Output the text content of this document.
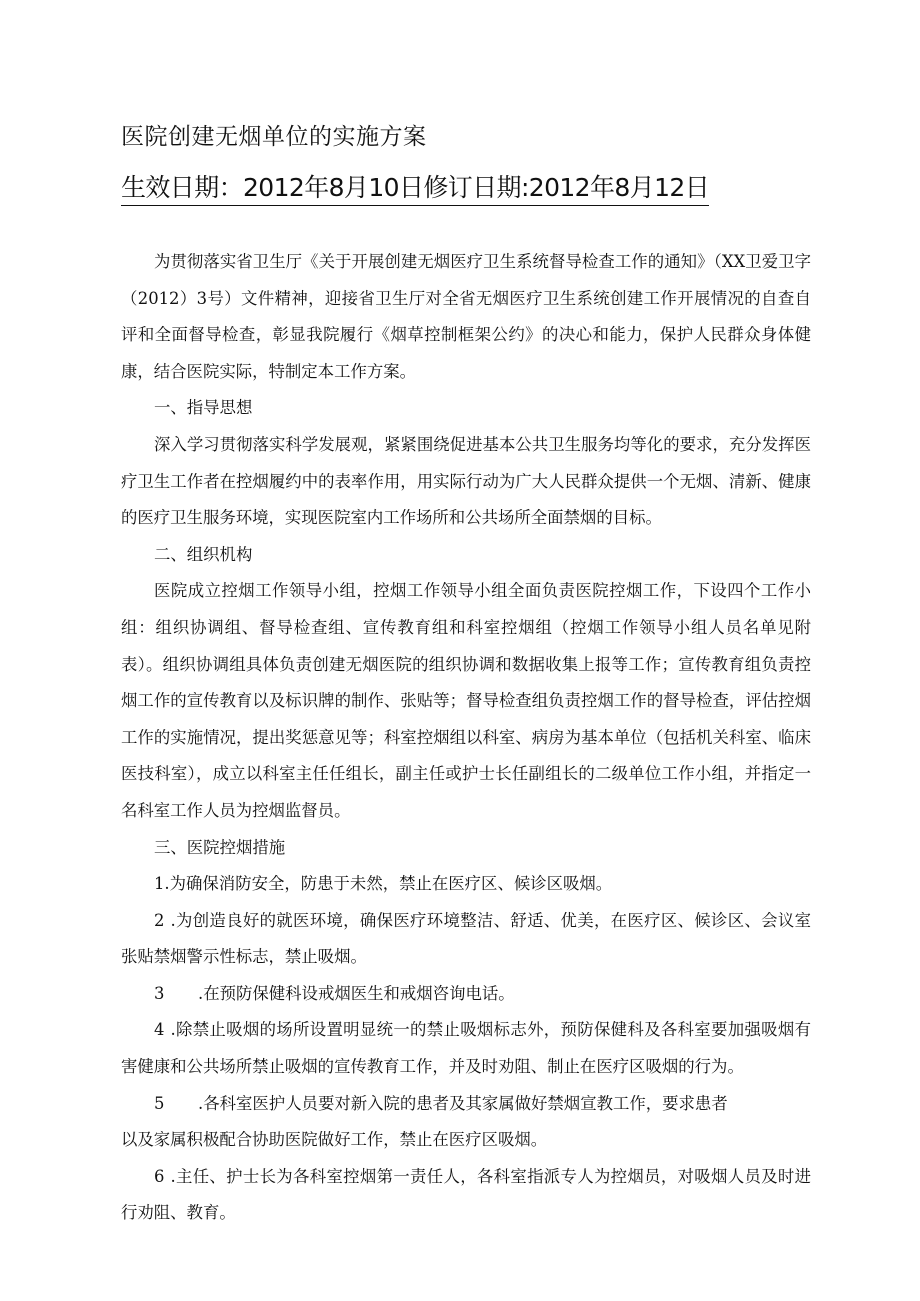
医院创建无烟单位的实施方案
生效日期：2012年8月10日修订日期:2012年8月12日

为贯彻落实省卫生厅《关于开展创建无烟医疗卫生系统督导检查工作的通知》（XX卫爱卫字（2012）3号）文件精神，迎接省卫生厅对全省无烟医疗卫生系统创建工作开展情况的自查自评和全面督导检查，彰显我院履行《烟草控制框架公约》的决心和能力，保护人民群众身体健康，结合医院实际，特制定本工作方案。

一、指导思想

深入学习贯彻落实科学发展观，紧紧围绕促进基本公共卫生服务均等化的要求，充分发挥医疗卫生工作者在控烟履约中的表率作用，用实际行动为广大人民群众提供一个无烟、清新、健康的医疗卫生服务环境，实现医院室内工作场所和公共场所全面禁烟的目标。

二、组织机构

医院成立控烟工作领导小组，控烟工作领导小组全面负责医院控烟工作，下设四个工作小组：组织协调组、督导检查组、宣传教育组和科室控烟组（控烟工作领导小组人员名单见附表）。组织协调组具体负责创建无烟医院的组织协调和数据收集上报等工作；宣传教育组负责控烟工作的宣传教育以及标识牌的制作、张贴等；督导检查组负责控烟工作的督导检查，评估控烟工作的实施情况，提出奖惩意见等；科室控烟组以科室、病房为基本单位（包括机关科室、临床医技科室），成立以科室主任任组长，副主任或护士长任副组长的二级单位工作小组，并指定一名科室工作人员为控烟监督员。

三、医院控烟措施

1.为确保消防安全，防患于未然，禁止在医疗区、候诊区吸烟。

2 .为创造良好的就医环境，确保医疗环境整洁、舒适、优美，在医疗区、候诊区、会议室张贴禁烟警示性标志，禁止吸烟。

3 .在预防保健科设戒烟医生和戒烟咨询电话。

4 .除禁止吸烟的场所设置明显统一的禁止吸烟标志外，预防保健科及各科室要加强吸烟有害健康和公共场所禁止吸烟的宣传教育工作，并及时劝阻、制止在医疗区吸烟的行为。

5 .各科室医护人员要对新入院的患者及其家属做好禁烟宣教工作，要求患者
以及家属积极配合协助医院做好工作，禁止在医疗区吸烟。

6 .主任、护士长为各科室控烟第一责任人，各科室指派专人为控烟员，对吸烟人员及时进行劝阻、教育。
